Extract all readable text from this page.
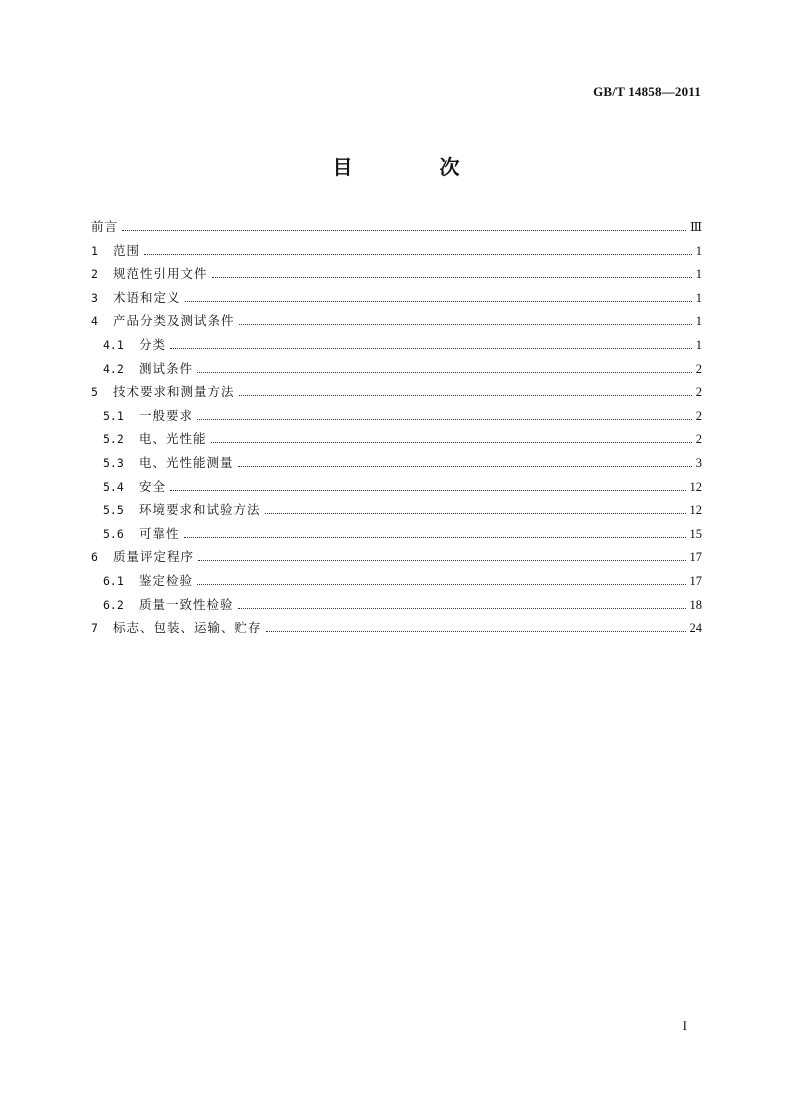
GB/T 14858—2011
目 次
前言	Ⅲ
1	范围	1
2	规范性引用文件	1
3	术语和定义	1
4	产品分类及测试条件	1
4.1	分类	1
4.2	测试条件	2
5	技术要求和测量方法	2
5.1	一般要求	2
5.2	电、光性能	2
5.3	电、光性能测量	3
5.4	安全	12
5.5	环境要求和试验方法	12
5.6	可靠性	15
6	质量评定程序	17
6.1	鉴定检验	17
6.2	质量一致性检验	18
7	标志、包装、运输、贮存	24
I
